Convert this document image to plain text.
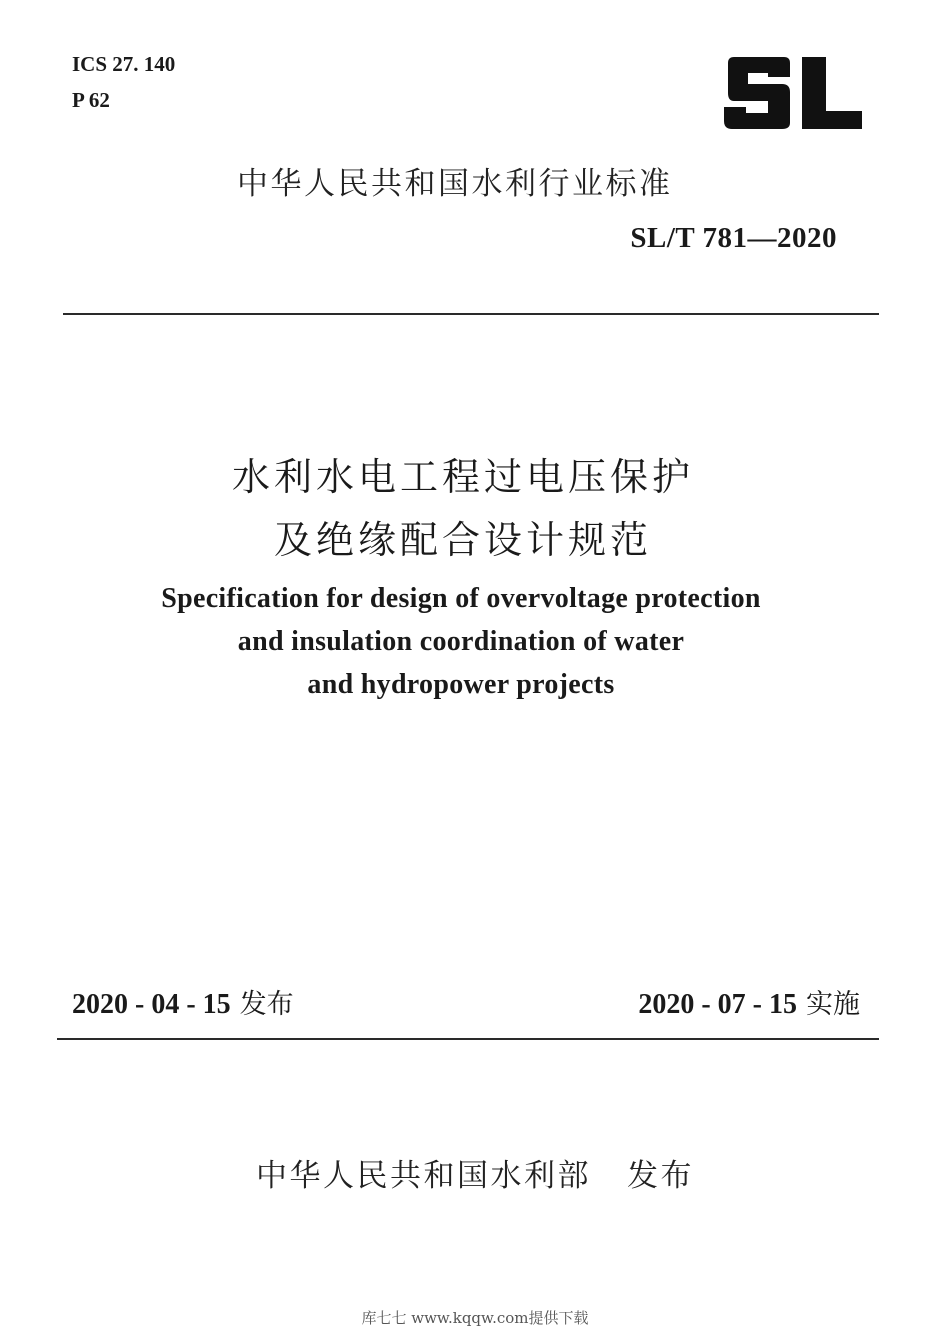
ICS 27. 140
P 62
中华人民共和国水利行业标准
SL/T 781—2020
水利水电工程过电压保护
及绝缘配合设计规范
Specification for design of overvoltage protection
and insulation coordination of water
and hydropower projects
2020 - 04 - 15 发布	2020 - 07 - 15 实施
中华人民共和国水利部 发布
库七七 www.kqqw.com提供下载
